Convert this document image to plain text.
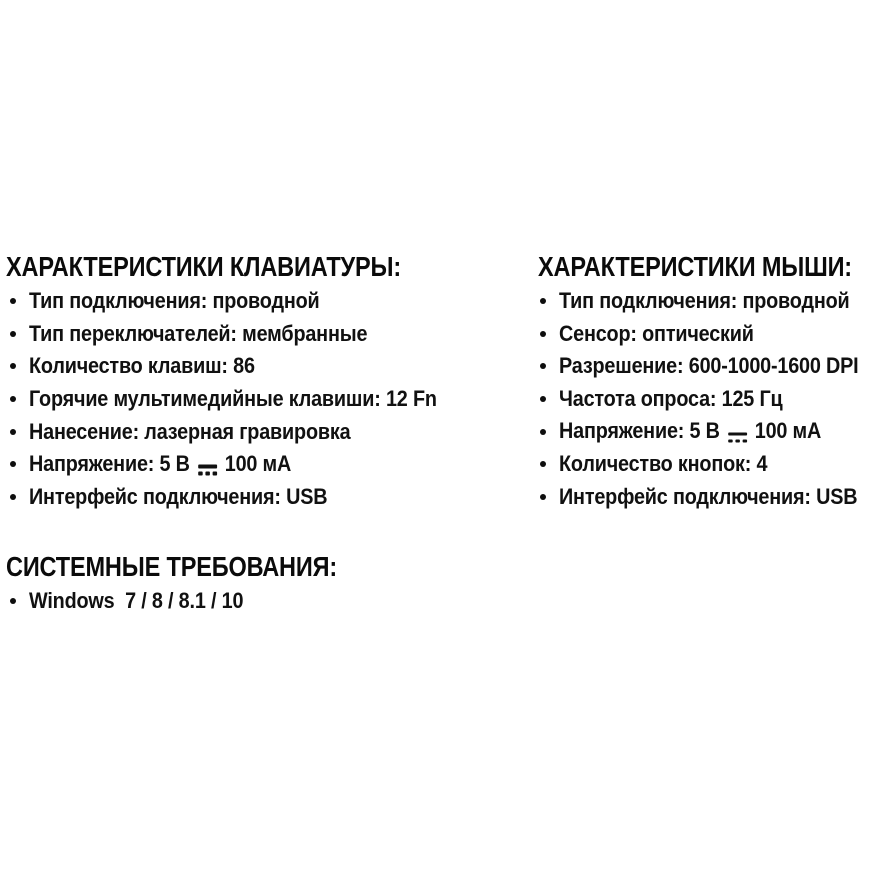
ХАРАКТЕРИСТИКИ КЛАВИАТУРЫ:
Тип подключения: проводной
Тип переключателей: мембранные
Количество клавиш: 86
Горячие мультимедийные клавиши: 12 Fn
Нанесение: лазерная гравировка
Напряжение: 5 В
100 мА
Интерфейс подключения: USB
СИСТЕМНЫЕ ТРЕБОВАНИЯ:
Windows  7 / 8 / 8.1 / 10
ХАРАКТЕРИСТИКИ МЫШИ:
Тип подключения: проводной
Сенсор: оптический
Разрешение: 600-1000-1600 DPI
Частота опроса: 125 Гц
Напряжение: 5 В
100 мА
Количество кнопок: 4
Интерфейс подключения: USB
